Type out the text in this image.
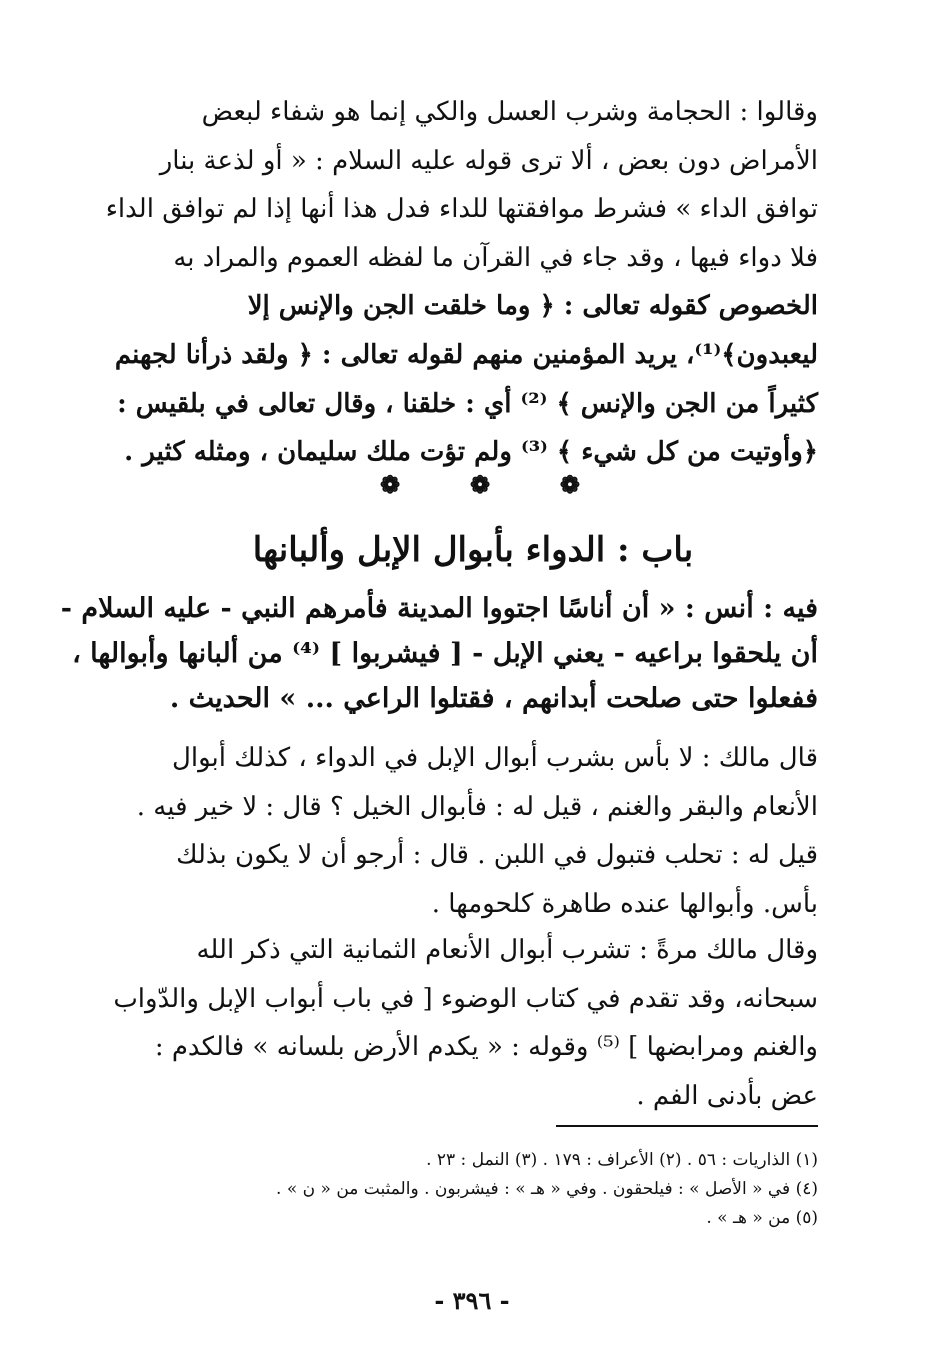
وقالوا : الحجامة وشرب العسل والكي إنما هو شفاء لبعض
الأمراض دون بعض ، ألا ترى قوله عليه السلام : « أو لذعة بنار
توافق الداء » فشرط موافقتها للداء فدل هذا أنها إذا لم توافق الداء
فلا دواء فيها ، وقد جاء في القرآن ما لفظه العموم والمراد به
الخصوص كقوله تعالى : ﴿ وما خلقت الجن والإنس إلا
ليعبدون﴾⁽¹⁾، يريد المؤمنين منهم لقوله تعالى : ﴿ ولقد ذرأنا لجهنم
كثيراً من الجن والإنس ﴾ ⁽²⁾ أي : خلقنا ، وقال تعالى في بلقيس :
﴿وأوتيت من كل شيء ﴾ ⁽³⁾ ولم تؤت ملك سليمان ، ومثله كثير .

❁	❁	❁
باب : الدواء بأبوال الإبل وألبانها

فيه : أنس : « أن أناسًا اجتووا المدينة فأمرهم النبي - عليه السلام -
أن يلحقوا براعيه - يعني الإبل - [ فيشربوا ] ⁽⁴⁾ من ألبانها وأبوالها ،
ففعلوا حتى صلحت أبدانهم ، فقتلوا الراعي ... » الحديث .

قال مالك : لا بأس بشرب أبوال الإبل في الدواء ، كذلك أبوال
الأنعام والبقر والغنم ، قيل له : فأبوال الخيل ؟ قال : لا خير فيه .
قيل له : تحلب فتبول في اللبن . قال : أرجو أن لا يكون بذلك
بأس. وأبوالها عنده طاهرة كلحومها .

وقال مالك مرةً : تشرب أبوال الأنعام الثمانية التي ذكر الله
سبحانه، وقد تقدم في كتاب الوضوء [ في باب أبواب الإبل والدّواب
والغنم ومرابضها ] ⁽⁵⁾ وقوله : « يكدم الأرض بلسانه » فالكدم :
عض بأدنى الفم .

(١) الذاريات : ٥٦ . (٢) الأعراف : ١٧٩ . (٣) النمل : ٢٣ .
(٤) في « الأصل » : فيلحقون . وفي « هـ » : فيشربون . والمثبت من « ن » .
(٥) من « هـ » .
- ٣٩٦ -
